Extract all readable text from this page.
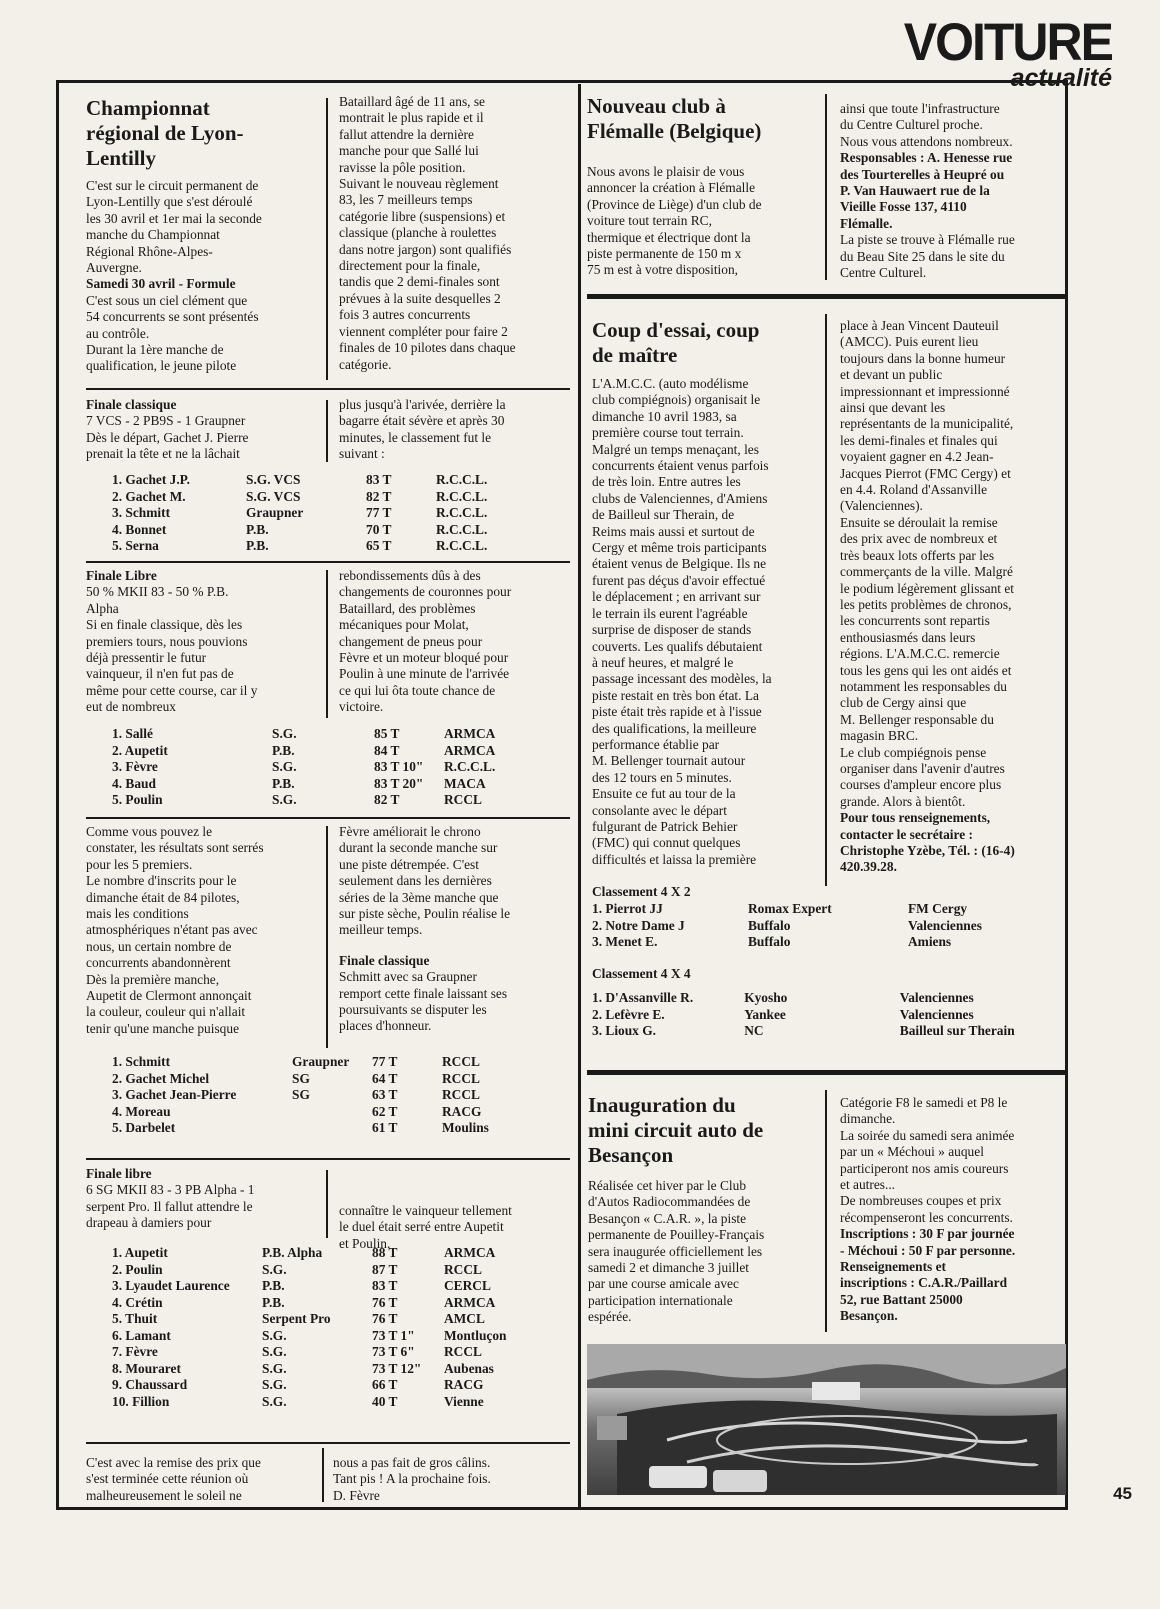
VOITURE
actualité
Championnat
régional de Lyon-
Lentilly

C'est sur le circuit permanent de
Lyon-Lentilly que s'est déroulé
les 30 avril et 1er mai la seconde
manche du Championnat
Régional Rhône-Alpes-
Auvergne.
Samedi 30 avril - Formule
C'est sous un ciel clément que
54 concurrents se sont présentés
au contrôle.
Durant la 1ère manche de
qualification, le jeune pilote

Bataillard âgé de 11 ans, se
montrait le plus rapide et il
fallut attendre la dernière
manche pour que Sallé lui
ravisse la pôle position.
Suivant le nouveau règlement
83, les 7 meilleurs temps
catégorie libre (suspensions) et
classique (planche à roulettes
dans notre jargon) sont qualifiés
directement pour la finale,
tandis que 2 demi-finales sont
prévues à la suite desquelles 2
fois 3 autres concurrents
viennent compléter pour faire 2
finales de 10 pilotes dans chaque
catégorie.

Finale classique
7 VCS - 2 PB9S - 1 Graupner
Dès le départ, Gachet J. Pierre
prenait la tête et ne la lâchait

plus jusqu'à l'arivée, derrière la
bagarre était sévère et après 30
minutes, le classement fut le
suivant :

1. Gachet J.P.	S.G. VCS	83 T	R.C.C.L.
2. Gachet M.	S.G. VCS	82 T	R.C.C.L.
3. Schmitt	Graupner	77 T	R.C.C.L.
4. Bonnet	P.B.	70 T	R.C.C.L.
5. Serna	P.B.	65 T	R.C.C.L.

Finale Libre
50 % MKII 83 - 50 % P.B.
Alpha
Si en finale classique, dès les
premiers tours, nous pouvions
déjà pressentir le futur
vainqueur, il n'en fut pas de
même pour cette course, car il y
eut de nombreux

rebondissements dûs à des
changements de couronnes pour
Bataillard, des problèmes
mécaniques pour Molat,
changement de pneus pour
Fèvre et un moteur bloqué pour
Poulin à une minute de l'arrivée
ce qui lui ôta toute chance de
victoire.

1. Sallé	S.G.	85 T	ARMCA
2. Aupetit	P.B.	84 T	ARMCA
3. Fèvre	S.G.	83 T 10"	R.C.C.L.
4. Baud	P.B.	83 T 20"	MACA
5. Poulin	S.G.	82 T	RCCL

Comme vous pouvez le
constater, les résultats sont serrés
pour les 5 premiers.
Le nombre d'inscrits pour le
dimanche était de 84 pilotes,
mais les conditions
atmosphériques n'étant pas avec
nous, un certain nombre de
concurrents abandonnèrent
Dès la première manche,
Aupetit de Clermont annonçait
la couleur, couleur qui n'allait
tenir qu'une manche puisque

Fèvre améliorait le chrono
durant la seconde manche sur
une piste détrempée. C'est
seulement dans les dernières
séries de la 3ème manche que
sur piste sèche, Poulin réalise le
meilleur temps.

Finale classique

Schmitt avec sa Graupner
remport cette finale laissant ses
poursuivants se disputer les
places d'honneur.

1. Schmitt	Graupner	77 T	RCCL
2. Gachet Michel	SG	64 T	RCCL
3. Gachet Jean-Pierre	SG	63 T	RCCL
4. Moreau		62 T	RACG
5. Darbelet		61 T	Moulins

Finale libre
6 SG MKII 83 - 3 PB Alpha - 1
serpent Pro. Il fallut attendre le
drapeau à damiers pour

connaître le vainqueur tellement
le duel était serré entre Aupetit
et Poulin.

1. Aupetit	P.B. Alpha	88 T	ARMCA
2. Poulin	S.G.	87 T	RCCL
3. Lyaudet Laurence	P.B.	83 T	CERCL
4. Crétin	P.B.	76 T	ARMCA
5. Thuit	Serpent Pro	76 T	AMCL
6. Lamant	S.G.	73 T 1"	Montluçon
7. Fèvre	S.G.	73 T 6"	RCCL
8. Mouraret	S.G.	73 T 12"	Aubenas
9. Chaussard	S.G.	66 T	RACG
10. Fillion	S.G.	40 T	Vienne

C'est avec la remise des prix que
s'est terminée cette réunion où
malheureusement le soleil ne

nous a pas fait de gros câlins.
Tant pis ! A la prochaine fois.
D. Fèvre

Nouveau club à
Flémalle (Belgique)

Nous avons le plaisir de vous
annoncer la création à Flémalle
(Province de Liège) d'un club de
voiture tout terrain RC,
thermique et électrique dont la
piste permanente de 150 m x
75 m est à votre disposition,

ainsi que toute l'infrastructure
du Centre Culturel proche.
Nous vous attendons nombreux.
Responsables : A. Henesse rue
des Tourterelles à Heupré ou
P. Van Hauwaert rue de la
Vieille Fosse 137, 4110
Flémalle.
La piste se trouve à Flémalle rue
du Beau Site 25 dans le site du
Centre Culturel.

Coup d'essai, coup
de maître

L'A.M.C.C. (auto modélisme
club compiégnois) organisait le
dimanche 10 avril 1983, sa
première course tout terrain.
Malgré un temps menaçant, les
concurrents étaient venus parfois
de très loin. Entre autres les
clubs de Valenciennes, d'Amiens
de Bailleul sur Therain, de
Reims mais aussi et surtout de
Cergy et même trois participants
étaient venus de Belgique. Ils ne
furent pas déçus d'avoir effectué
le déplacement ; en arrivant sur
le terrain ils eurent l'agréable
surprise de disposer de stands
couverts. Les qualifs débutaient
à neuf heures, et malgré le
passage incessant des modèles, la
piste restait en très bon état. La
piste était très rapide et à l'issue
des qualifications, la meilleure
performance établie par
M. Bellenger tournait autour
des 12 tours en 5 minutes.
Ensuite ce fut au tour de la
consolante avec le départ
fulgurant de Patrick Behier
(FMC) qui connut quelques
difficultés et laissa la première

place à Jean Vincent Dauteuil
(AMCC). Puis eurent lieu
toujours dans la bonne humeur
et devant un public
impressionnant et impressionné
ainsi que devant les
représentants de la municipalité,
les demi-finales et finales qui
voyaient gagner en 4.2 Jean-
Jacques Pierrot (FMC Cergy) et
en 4.4. Roland d'Assanville
(Valenciennes).
Ensuite se déroulait la remise
des prix avec de nombreux et
très beaux lots offerts par les
commerçants de la ville. Malgré
le podium légèrement glissant et
les petits problèmes de chronos,
les concurrents sont repartis
enthousiasmés dans leurs
régions. L'A.M.C.C. remercie
tous les gens qui les ont aidés et
notamment les responsables du
club de Cergy ainsi que
M. Bellenger responsable du
magasin BRC.
Le club compiégnois pense
organiser dans l'avenir d'autres
courses d'ampleur encore plus
grande. Alors à bientôt.
Pour tous renseignements,
contacter le secrétaire :
Christophe Yzèbe, Tél. : (16-4)
420.39.28.

Classement 4 X 2

1. Pierrot JJ	Romax Expert	FM Cergy
2. Notre Dame J	Buffalo	Valenciennes
3. Menet E.	Buffalo	Amiens

Classement 4 X 4

1. D'Assanville R.	Kyosho	Valenciennes
2. Lefèvre E.	Yankee	Valenciennes
3. Lioux G.	NC	Bailleul sur Therain
Inauguration du
mini circuit auto de
Besançon

Réalisée cet hiver par le Club
d'Autos Radiocommandées de
Besançon « C.A.R. », la piste
permanente de Pouilley-Français
sera inaugurée officiellement les
samedi 2 et dimanche 3 juillet
par une course amicale avec
participation internationale
espérée.

Catégorie F8 le samedi et P8 le
dimanche.
La soirée du samedi sera animée
par un « Méchoui » auquel
participeront nos amis coureurs
et autres...
De nombreuses coupes et prix
récompenseront les concurrents.
Inscriptions : 30 F par journée
- Méchoui : 50 F par personne.
Renseignements et
inscriptions : C.A.R./Paillard
52, rue Battant 25000
Besançon.

45
